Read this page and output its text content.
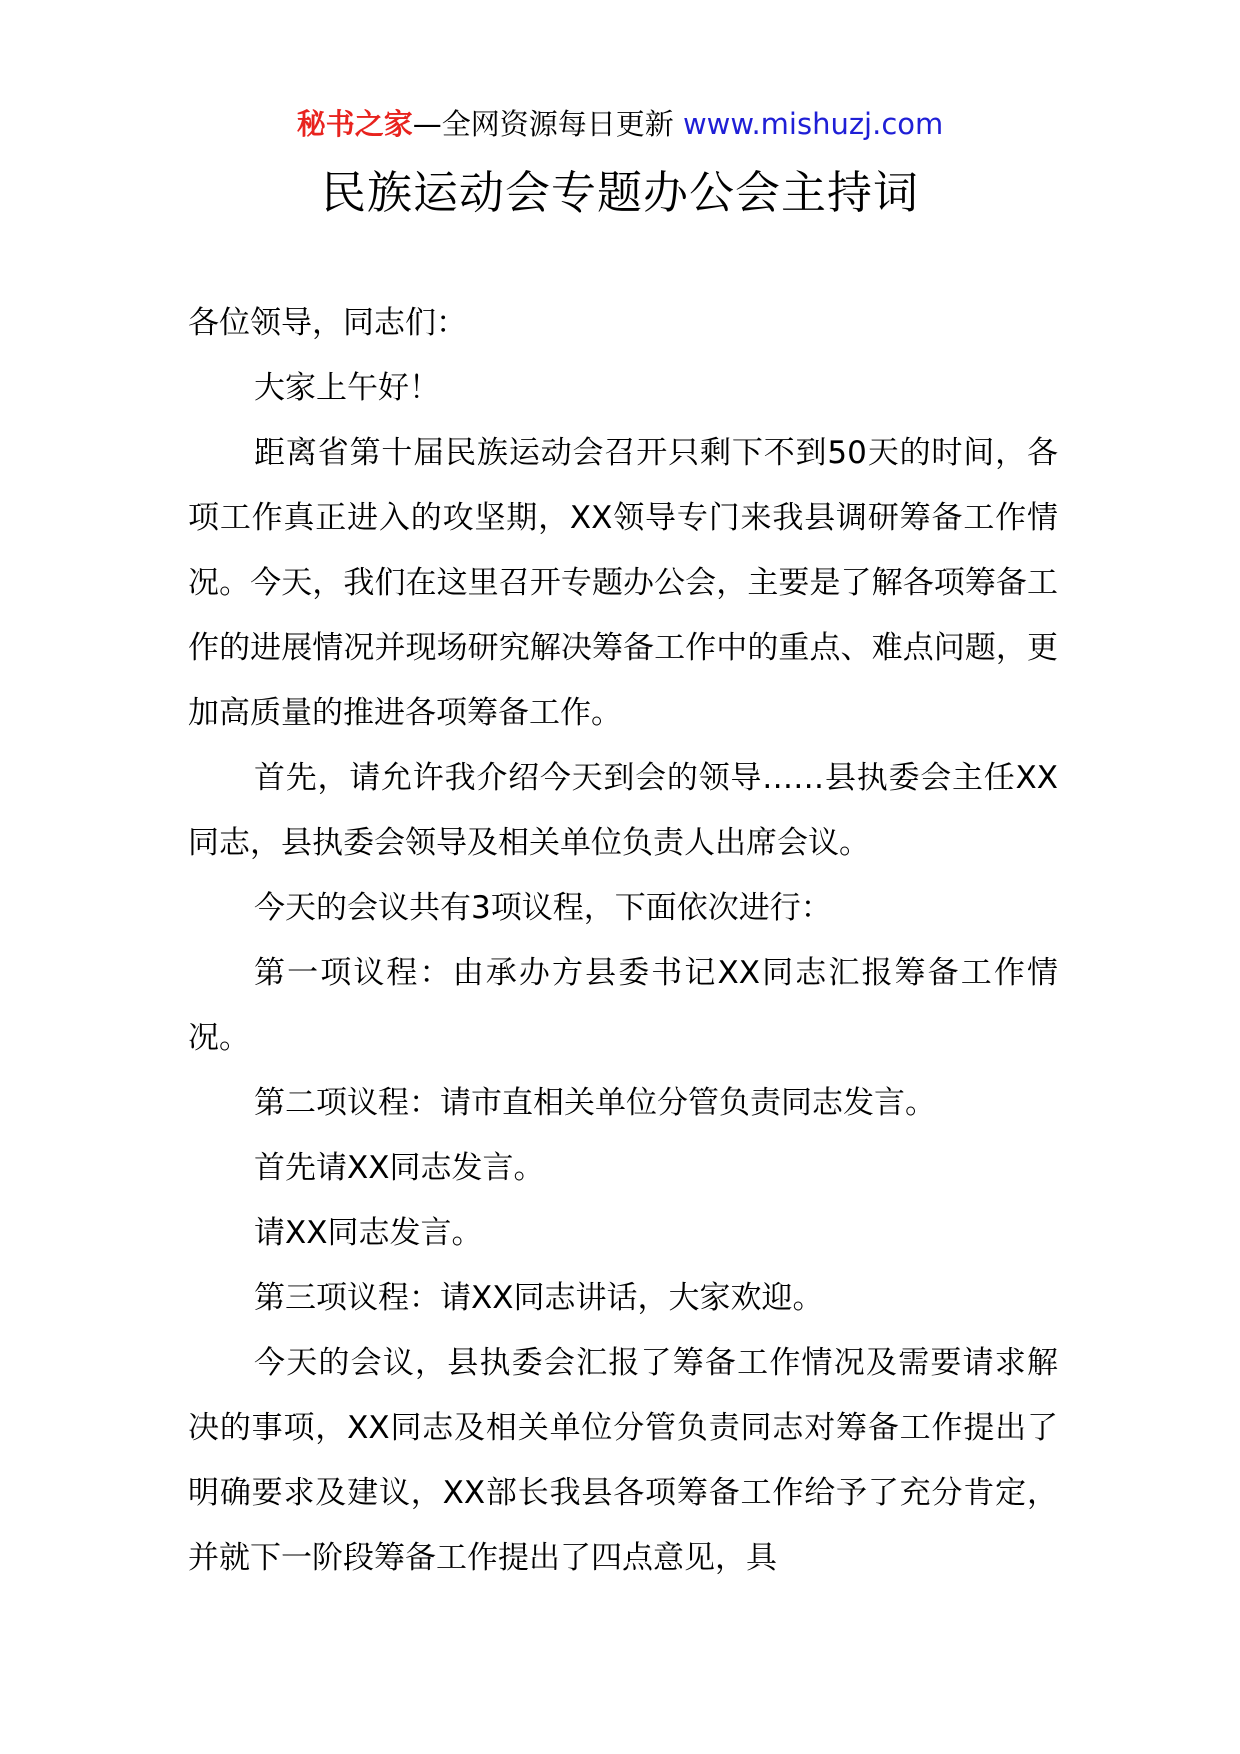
秘书之家—全网资源每日更新 www.mishuzj.com
民族运动会专题办公会主持词

各位领导，同志们：

大家上午好！

距离省第十届民族运动会召开只剩下不到50天的时间，各项工作真正进入的攻坚期，XX领导专门来我县调研筹备工作情况。今天，我们在这里召开专题办公会，主要是了解各项筹备工作的进展情况并现场研究解决筹备工作中的重点、难点问题，更加高质量的推进各项筹备工作。

首先，请允许我介绍今天到会的领导……县执委会主任XX同志，县执委会领导及相关单位负责人出席会议。

今天的会议共有3项议程，下面依次进行：

第一项议程：由承办方县委书记XX同志汇报筹备工作情况。

第二项议程：请市直相关单位分管负责同志发言。

首先请XX同志发言。

请XX同志发言。

第三项议程：请XX同志讲话，大家欢迎。

今天的会议，县执委会汇报了筹备工作情况及需要请求解决的事项，XX同志及相关单位分管负责同志对筹备工作提出了明确要求及建议，XX部长我县各项筹备工作给予了充分肯定，并就下一阶段筹备工作提出了四点意见，具
